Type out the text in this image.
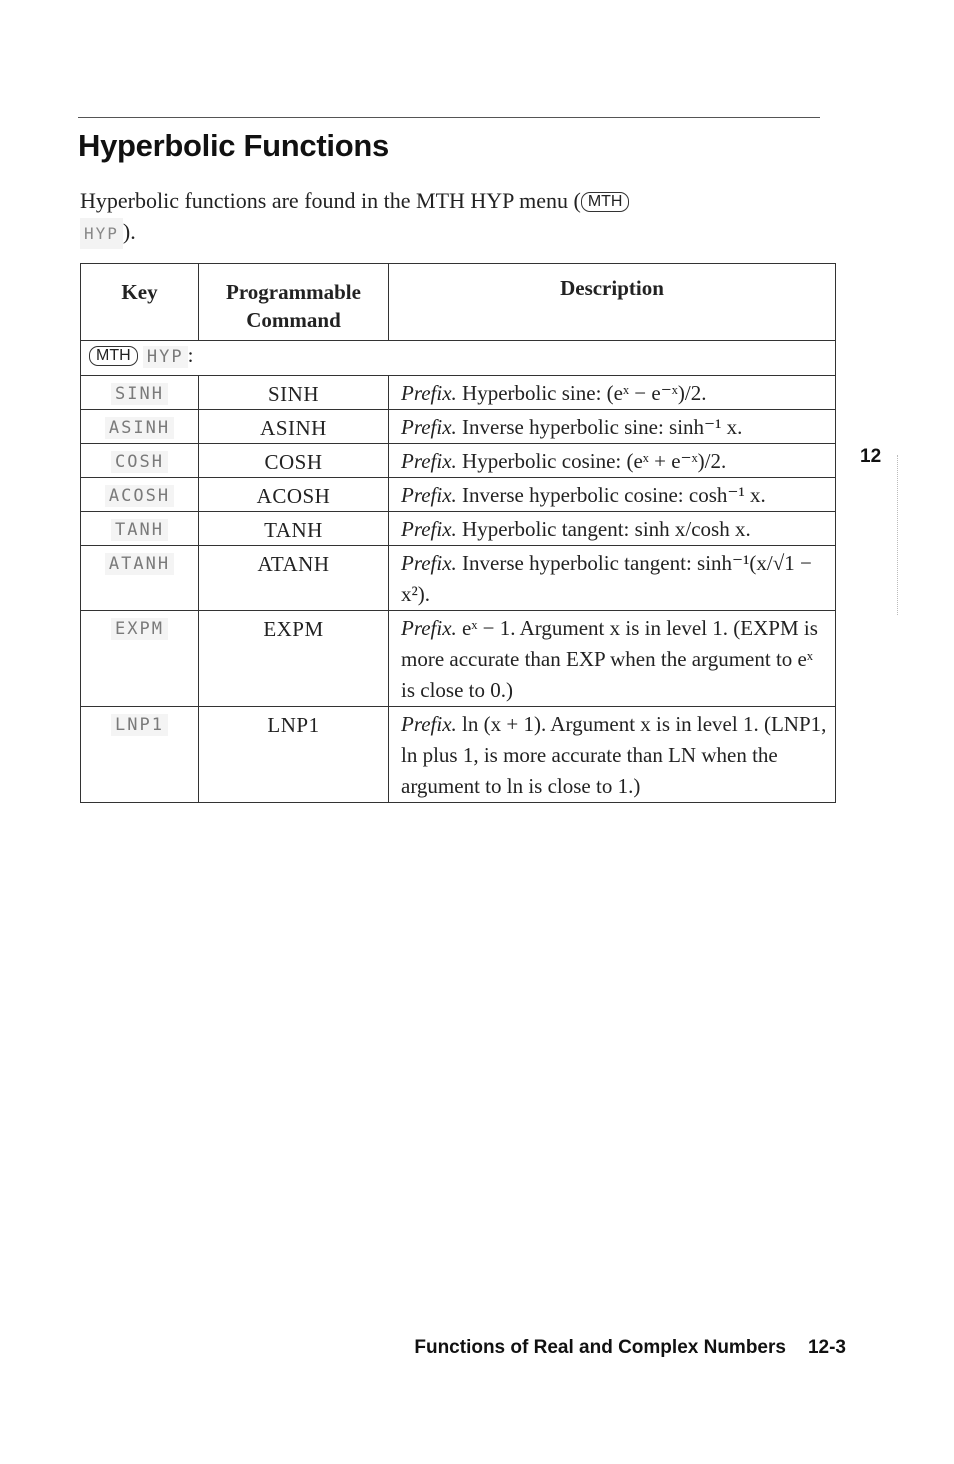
Hyperbolic Functions
Hyperbolic functions are found in the MTH HYP menu ( MTH
HYP ).
Key	Programmable Command	Description
MTH HYP :		
SINH	SINH	Prefix. Hyperbolic sine: (eˣ − e⁻ˣ)/2.
ASINH	ASINH	Prefix. Inverse hyperbolic sine: sinh⁻¹ x.
COSH	COSH	Prefix. Hyperbolic cosine: (eˣ + e⁻ˣ)/2.
ACOSH	ACOSH	Prefix. Inverse hyperbolic cosine: cosh⁻¹ x.
TANH	TANH	Prefix. Hyperbolic tangent: sinh x/cosh x.
ATANH	ATANH	Prefix. Inverse hyperbolic tangent: sinh⁻¹(x/√1 − x²).
EXPM	EXPM	Prefix. eˣ − 1. Argument x is in level 1. (EXPM is more accurate than EXP when the argument to eˣ is close to 0.)
LNP1	LNP1	Prefix. ln (x + 1). Argument x is in level 1. (LNP1, ln plus 1, is more accurate than LN when the argument to ln is close to 1.)
12
Functions of Real and Complex Numbers 12-3
